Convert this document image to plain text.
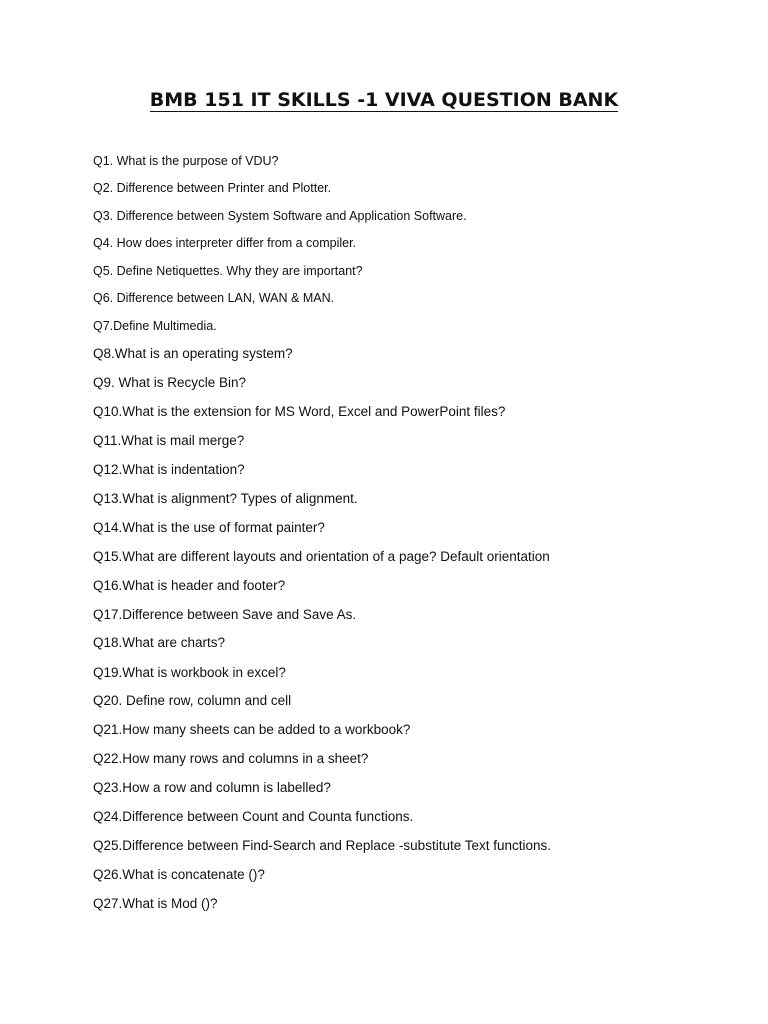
BMB 151 IT SKILLS -1 VIVA QUESTION BANK

Q1. What is the purpose of VDU?

Q2. Difference between Printer and Plotter.

Q3. Difference between System Software and Application Software.

Q4. How does interpreter differ from a compiler.

Q5. Define Netiquettes. Why they are important?

Q6. Difference between LAN, WAN & MAN.

Q7.Define Multimedia.

Q8.What is an operating system?

Q9. What is Recycle Bin?

Q10.What is the extension for MS Word, Excel and PowerPoint files?

Q11.What is mail merge?

Q12.What is indentation?

Q13.What is alignment? Types of alignment.

Q14.What is the use of format painter?

Q15.What are different layouts and orientation of a page? Default orientation

Q16.What is header and footer?

Q17.Difference between Save and Save As.

Q18.What are charts?

Q19.What is workbook in excel?

Q20. Define row, column and cell

Q21.How many sheets can be added to a workbook?

Q22.How many rows and columns in a sheet?

Q23.How a row and column is labelled?

Q24.Difference between Count and Counta functions.

Q25.Difference between Find-Search and Replace -substitute Text functions.

Q26.What is concatenate ()?

Q27.What is Mod ()?
